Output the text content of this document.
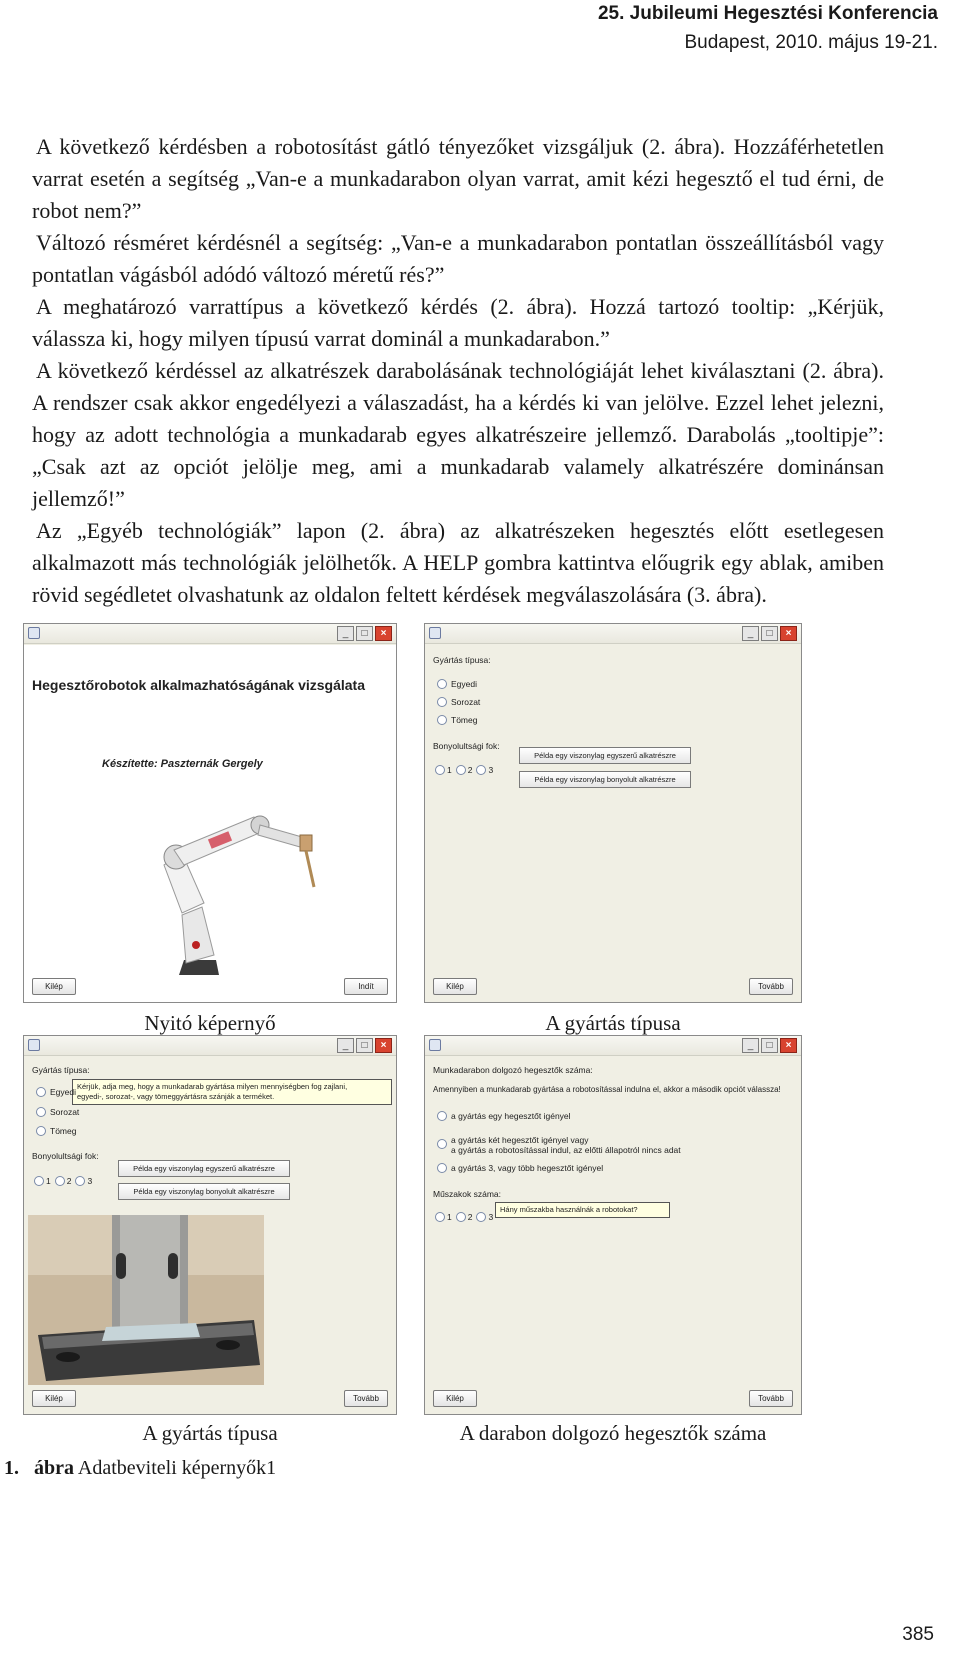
25. Jubileumi Hegesztési Konferencia
Budapest, 2010. május 19-21.

A következő kérdésben a robotosítást gátló tényezőket vizsgáljuk (2. ábra). Hozzáférhetetlen varrat esetén a segítség „Van-e a munkadarabon olyan varrat, amit kézi hegesztő el tud érni, de robot nem?”

Változó résméret kérdésnél a segítség: „Van-e a munkadarabon pontatlan összeállításból vagy pontatlan vágásból adódó változó méretű rés?”

A meghatározó varrattípus a következő kérdés (2. ábra). Hozzá tartozó tooltip: „Kérjük, válassza ki, hogy milyen típusú varrat dominál a munkadarabon.”

A következő kérdéssel az alkatrészek darabolásának technológiáját lehet kiválasztani (2. ábra). A rendszer csak akkor engedélyezi a válaszadást, ha a kérdés ki van jelölve. Ezzel lehet jelezni, hogy az adott technológia a munkadarab egyes alkatrészeire jellemző. Darabolás „tooltipje”: „Csak azt az opciót jelölje meg, ami a munkadarab valamely alkatrészére dominánsan jellemző!”

Az „Egyéb technológiák” lapon (2. ábra) az alkatrészeken hegesztés előtt esetlegesen alkalmazott más technológiák jelölhetők. A HELP gombra kattintva előugrik egy ablak, amiben rövid segédletet olvashatunk az oldalon feltett kérdések megválaszolására (3. ábra).

_	□	×
Hegesztőrobotok alkalmazhatóságának vizsgálata
Készítette: Paszternák Gergely
Kilép	Indít
_	□	×
Gyártás típusa:
Egyedi
Sorozat
Tömeg
Bonyolultsági fok:
1 2 3
Példa egy viszonylag egyszerű alkatrészre
Példa egy viszonylag bonyolult alkatrészre
Kilép	Tovább
Nyitó képernyő	A gyártás típusa
_	□	×
Gyártás típusa:
Kérjük, adja meg, hogy a munkadarab gyártása milyen mennyiségben fog zajlani,
egyedi-, sorozat-, vagy tömeggyártásra szánják a terméket.
Egyedi
Sorozat
Tömeg
Bonyolultsági fok:
1 2 3
Példa egy viszonylag egyszerű alkatrészre
Példa egy viszonylag bonyolult alkatrészre
Kilép	Tovább
_	□	×
Munkadarabon dolgozó hegesztők száma:
Amennyiben a munkadarab gyártása a robotosítással indulna el, akkor a második opciót válassza!
a gyártás egy hegesztőt igényel
a gyártás két hegesztőt igényel vagy
a gyártás a robotosítással indul, az előtti állapotról nincs adat
a gyártás 3, vagy több hegesztőt igényel
Műszakok száma:
1 2 3
Hány műszakba használnák a robotokat?
Kilép	Tovább
A gyártás típusa	A darabon dolgozó hegesztők száma
1. ábra Adatbeviteli képernyők1
385
